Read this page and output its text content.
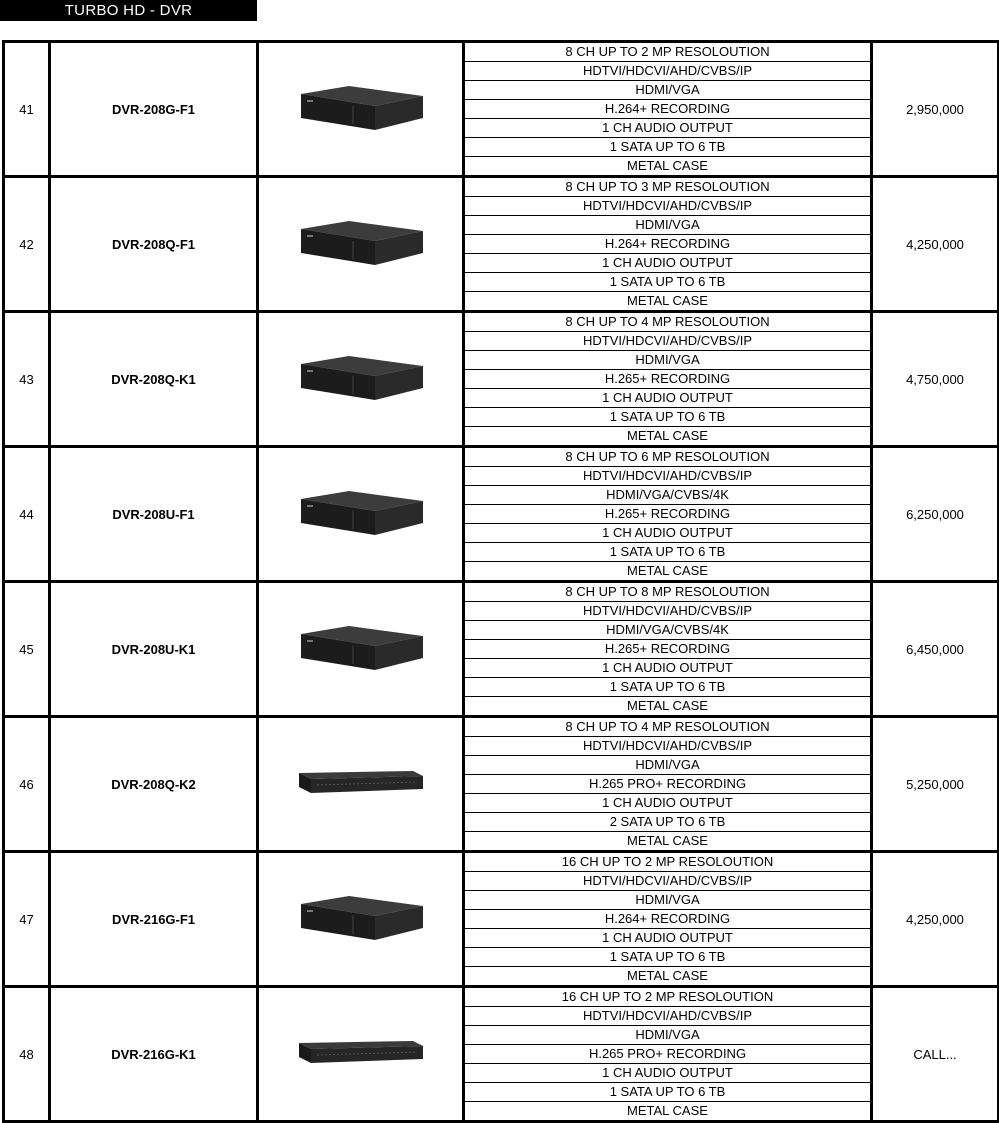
TURBO HD - DVR
41	DVR-208G-F1		8 CH UP TO 2 MP RESOLOUTION	2,950,000
			HDTVI/HDCVI/AHD/CVBS/IP	
			HDMI/VGA	
			H.264+ RECORDING	
			1 CH AUDIO OUTPUT	
			1 SATA UP TO 6 TB	
			METAL CASE	
42	DVR-208Q-F1		8 CH UP TO 3 MP RESOLOUTION	4,250,000
			HDTVI/HDCVI/AHD/CVBS/IP	
			HDMI/VGA	
			H.264+ RECORDING	
			1 CH AUDIO OUTPUT	
			1 SATA UP TO 6 TB	
			METAL CASE	
43	DVR-208Q-K1		8 CH UP TO 4 MP RESOLOUTION	4,750,000
			HDTVI/HDCVI/AHD/CVBS/IP	
			HDMI/VGA	
			H.265+ RECORDING	
			1 CH AUDIO OUTPUT	
			1 SATA UP TO 6 TB	
			METAL CASE	
44	DVR-208U-F1		8 CH UP TO 6 MP RESOLOUTION	6,250,000
			HDTVI/HDCVI/AHD/CVBS/IP	
			HDMI/VGA/CVBS/4K	
			H.265+ RECORDING	
			1 CH AUDIO OUTPUT	
			1 SATA UP TO 6 TB	
			METAL CASE	
45	DVR-208U-K1		8 CH UP TO 8 MP RESOLOUTION	6,450,000
			HDTVI/HDCVI/AHD/CVBS/IP	
			HDMI/VGA/CVBS/4K	
			H.265+ RECORDING	
			1 CH AUDIO OUTPUT	
			1 SATA UP TO 6 TB	
			METAL CASE	
46	DVR-208Q-K2		8 CH UP TO 4 MP RESOLOUTION	5,250,000
			HDTVI/HDCVI/AHD/CVBS/IP	
			HDMI/VGA	
			H.265 PRO+ RECORDING	
			1 CH AUDIO OUTPUT	
			2 SATA UP TO 6 TB	
			METAL CASE	
47	DVR-216G-F1		16 CH UP TO 2 MP RESOLOUTION	4,250,000
			HDTVI/HDCVI/AHD/CVBS/IP	
			HDMI/VGA	
			H.264+ RECORDING	
			1 CH AUDIO OUTPUT	
			1 SATA UP TO 6 TB	
			METAL CASE	
48	DVR-216G-K1		16 CH UP TO 2 MP RESOLOUTION	CALL...
			HDTVI/HDCVI/AHD/CVBS/IP	
			HDMI/VGA	
			H.265 PRO+ RECORDING	
			1 CH AUDIO OUTPUT	
			1 SATA UP TO 6 TB	
			METAL CASE	
